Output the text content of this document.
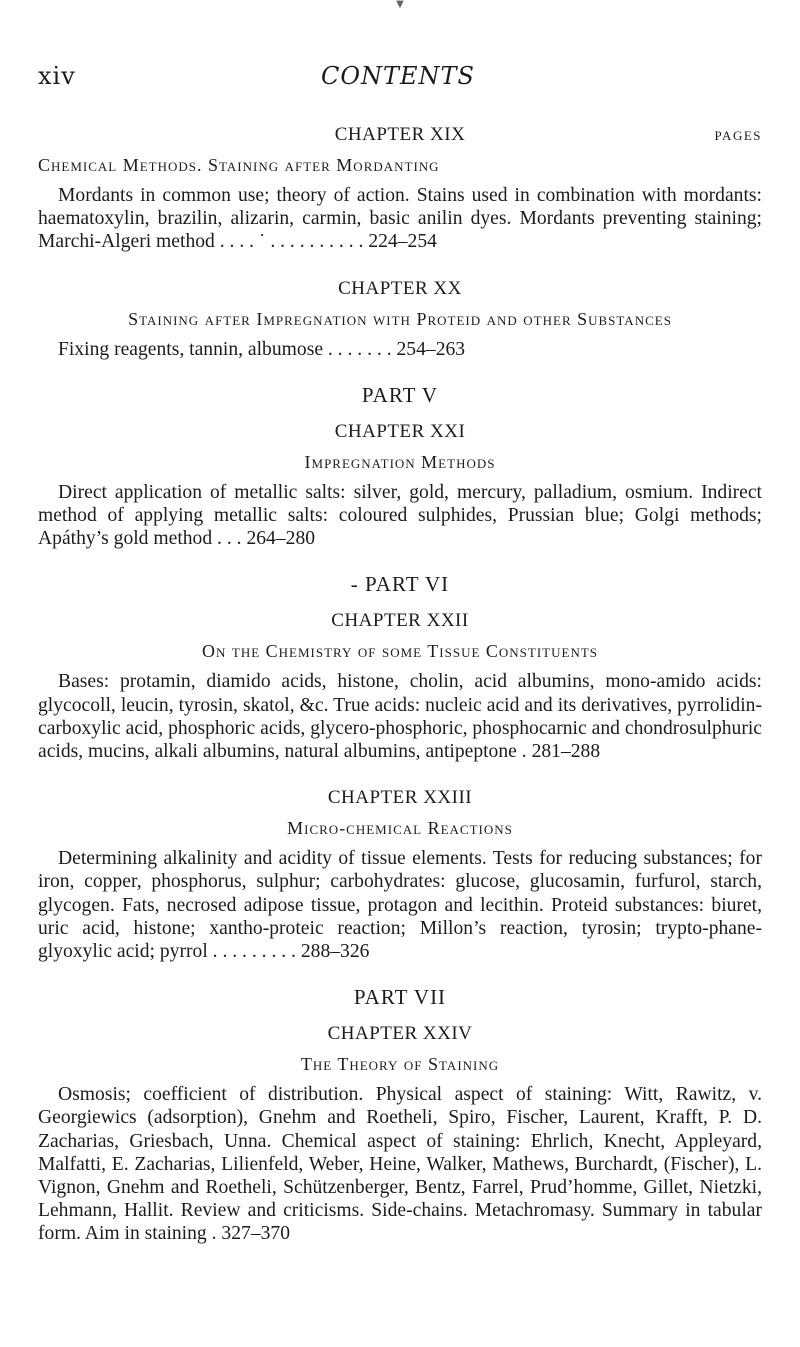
▼
xiv	CONTENTS
CHAPTER XIX	PAGES
Chemical Methods. Staining after Mordanting

Mordants in common use; theory of action. Stains used in combination with mordants: haematoxylin, brazilin, alizarin, carmin, basic anilin dyes. Mordants preventing staining; Marchi-Algeri method . . . . ˙ . . . . . . . . . . 224–254

CHAPTER XX
Staining after Impregnation with Proteid and other Substances

Fixing reagents, tannin, albumose . . . . . . . 254–263

PART V
CHAPTER XXI
Impregnation Methods

Direct application of metallic salts: silver, gold, mercury, palladium, osmium. Indirect method of applying metallic salts: coloured sulphides, Prussian blue; Golgi methods; Apáthy’s gold method . . . 264–280

- PART VI
CHAPTER XXII
On the Chemistry of some Tissue Constituents

Bases: protamin, diamido acids, histone, cholin, acid albumins, mono-amido acids: glycocoll, leucin, tyrosin, skatol, &c. True acids: nucleic acid and its derivatives, pyrrolidin-carboxylic acid, phosphoric acids, glycero-phosphoric, phosphocarnic and chondrosulphuric acids, mucins, alkali albumins, natural albumins, antipeptone . 281–288

CHAPTER XXIII
Micro-chemical Reactions

Determining alkalinity and acidity of tissue elements. Tests for reducing substances; for iron, copper, phosphorus, sulphur; carbohydrates: glucose, glucosamin, furfurol, starch, glycogen. Fats, necrosed adipose tissue, protagon and lecithin. Proteid substances: biuret, uric acid, histone; xantho-proteic reaction; Millon’s reaction, tyrosin; trypto-phane-glyoxylic acid; pyrrol . . . . . . . . . 288–326

PART VII
CHAPTER XXIV
The Theory of Staining

Osmosis; coefficient of distribution. Physical aspect of staining: Witt, Rawitz, v. Georgiewics (adsorption), Gnehm and Roetheli, Spiro, Fischer, Laurent, Krafft, P. D. Zacharias, Griesbach, Unna. Chemical aspect of staining: Ehrlich, Knecht, Appleyard, Malfatti, E. Zacharias, Lilienfeld, Weber, Heine, Walker, Mathews, Burchardt, (Fischer), L. Vignon, Gnehm and Roetheli, Schützenberger, Bentz, Farrel, Prud’homme, Gillet, Nietzki, Lehmann, Hallit. Review and criticisms. Side-chains. Metachromasy. Summary in tabular form. Aim in staining . 327–370
